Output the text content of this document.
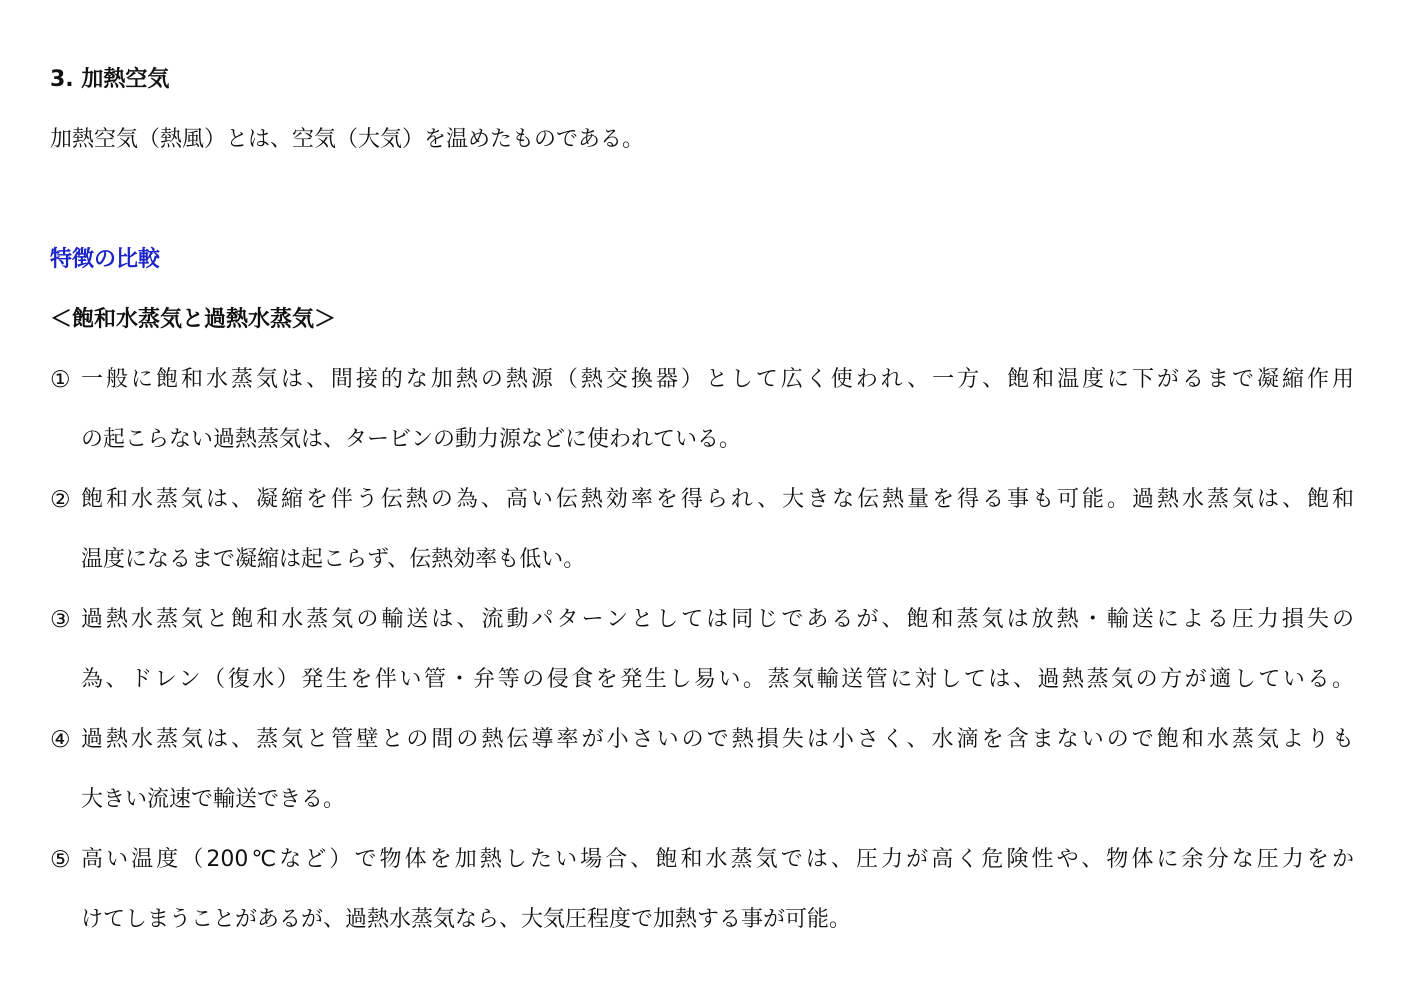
3. 加熱空気
加熱空気（熱風）とは、空気（大気）を温めたものである。
特徴の比較
＜飽和水蒸気と過熱水蒸気＞
① 一般に飽和水蒸気は、間接的な加熱の熱源（熱交換器）として広く使われ、一方、飽和温度に下がるまで凝縮作用
の起こらない過熱蒸気は、タービンの動力源などに使われている。
② 飽和水蒸気は、凝縮を伴う伝熱の為、高い伝熱効率を得られ、大きな伝熱量を得る事も可能。過熱水蒸気は、飽和
温度になるまで凝縮は起こらず、伝熱効率も低い。
③ 過熱水蒸気と飽和水蒸気の輸送は、流動パターンとしては同じであるが、飽和蒸気は放熱・輸送による圧力損失の
為、ドレン（復水）発生を伴い管・弁等の侵食を発生し易い。蒸気輸送管に対しては、過熱蒸気の方が適している。
④ 過熱水蒸気は、蒸気と管壁との間の熱伝導率が小さいので熱損失は小さく、水滴を含まないので飽和水蒸気よりも
大きい流速で輸送できる。
⑤ 高い温度（200℃など）で物体を加熱したい場合、飽和水蒸気では、圧力が高く危険性や、物体に余分な圧力をか
けてしまうことがあるが、過熱水蒸気なら、大気圧程度で加熱する事が可能。
